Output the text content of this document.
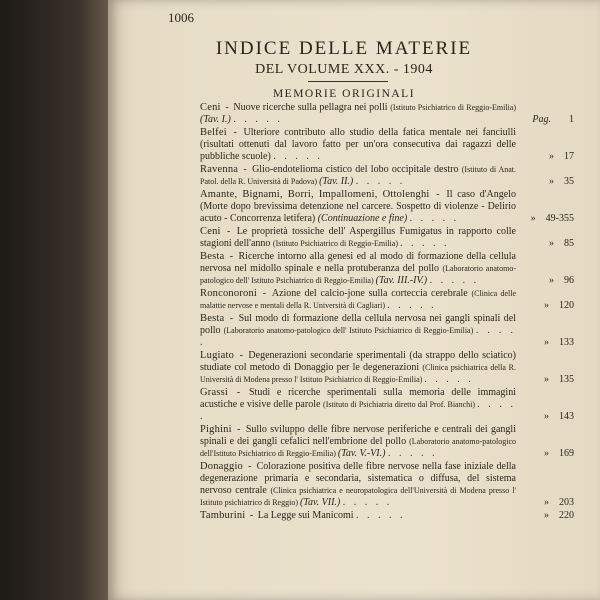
1006
INDICE DELLE MATERIE
DEL VOLUME XXX. - 1904
MEMORIE ORIGINALI
Ceni - Nuove ricerche sulla pellagra nei polli (Istituto Psichiatrico di Reggio-Emilia) (Tav. I.) . . . . .	Pag. 1
Belfei - Ulteriore contributo allo studio della fatica mentale nei fanciulli (risultati ottenuti dal lavoro fatto per un'ora consecutiva dai ragazzi delle pubbliche scuole) . . . . .	» 17
Ravenna - Glio-endotelioma cistico del lobo occipitale destro (Istituto di Anat. Patol. della R. Università di Padova) (Tav. II.) . . . . .	» 35
Amante, Bignami, Borri, Impallomeni, Ottolenghi - Il caso d'Angelo (Morte dopo brevissima detenzione nel carcere. Sospetto di violenze - Delirio acuto - Concorrenza letifera) (Continuazione e fine) . . . . .	» 49-355
Ceni - Le proprietà tossiche dell' Aspergillus Fumigatus in rapporto colle stagioni dell'anno (Istituto Psichiatrico di Reggio-Emilia) . . . . .	» 85
Besta - Ricerche intorno alla genesi ed al modo di formazione della cellula nervosa nel midollo spinale e nella protuberanza del pollo (Laboratorio anatomo-patologico dell' Istituto Psichiatrico di Reggio-Emilia) (Tav. III.-IV.) . . . . .	» 96
Ronconoroni - Azione del calcio-jone sulla corteccia cerebrale (Clinica delle malattie nervose e mentali della R. Università di Cagliari) . . . . .	» 120
Besta - Sul modo di formazione della cellula nervosa nei gangli spinali del pollo (Laboratorio anatomo-patologico dell' Istituto Psichiatrico di Reggio-Emilia) . . . . .	» 133
Lugiato - Degenerazioni secondarie sperimentali (da strappo dello sciatico) studiate col metodo di Donaggio per le degenerazioni (Clinica psichiatrica della R. Università di Modena presso l' Istituto Psichiatrico di Reggio-Emilia) . . . . .	» 135
Grassi - Studi e ricerche sperimentali sulla memoria delle immagini acustiche e visive delle parole (Istituto di Psichiatria diretto dal Prof. Bianchi) . . . . .	» 143
Pighini - Sullo sviluppo delle fibre nervose periferiche e centrali dei gangli spinali e dei gangli cefalici nell'embrione del pollo (Laboratorio anatomo-patologico dell'Istituto Psichiatrico di Reggio-Emilia) (Tav. V.-VI.) . . . . .	» 169
Donaggio - Colorazione positiva delle fibre nervose nella fase iniziale della degenerazione primaria e secondaria, sistematica o diffusa, del sistema nervoso centrale (Clinica psichiatrica e neuropatologica dell'Università di Modena presso l' Istituto psichiatrico di Reggio) (Tav. VII.) . . . . .	» 203
Tamburini - La Legge sui Manicomi . . . . .	» 220
